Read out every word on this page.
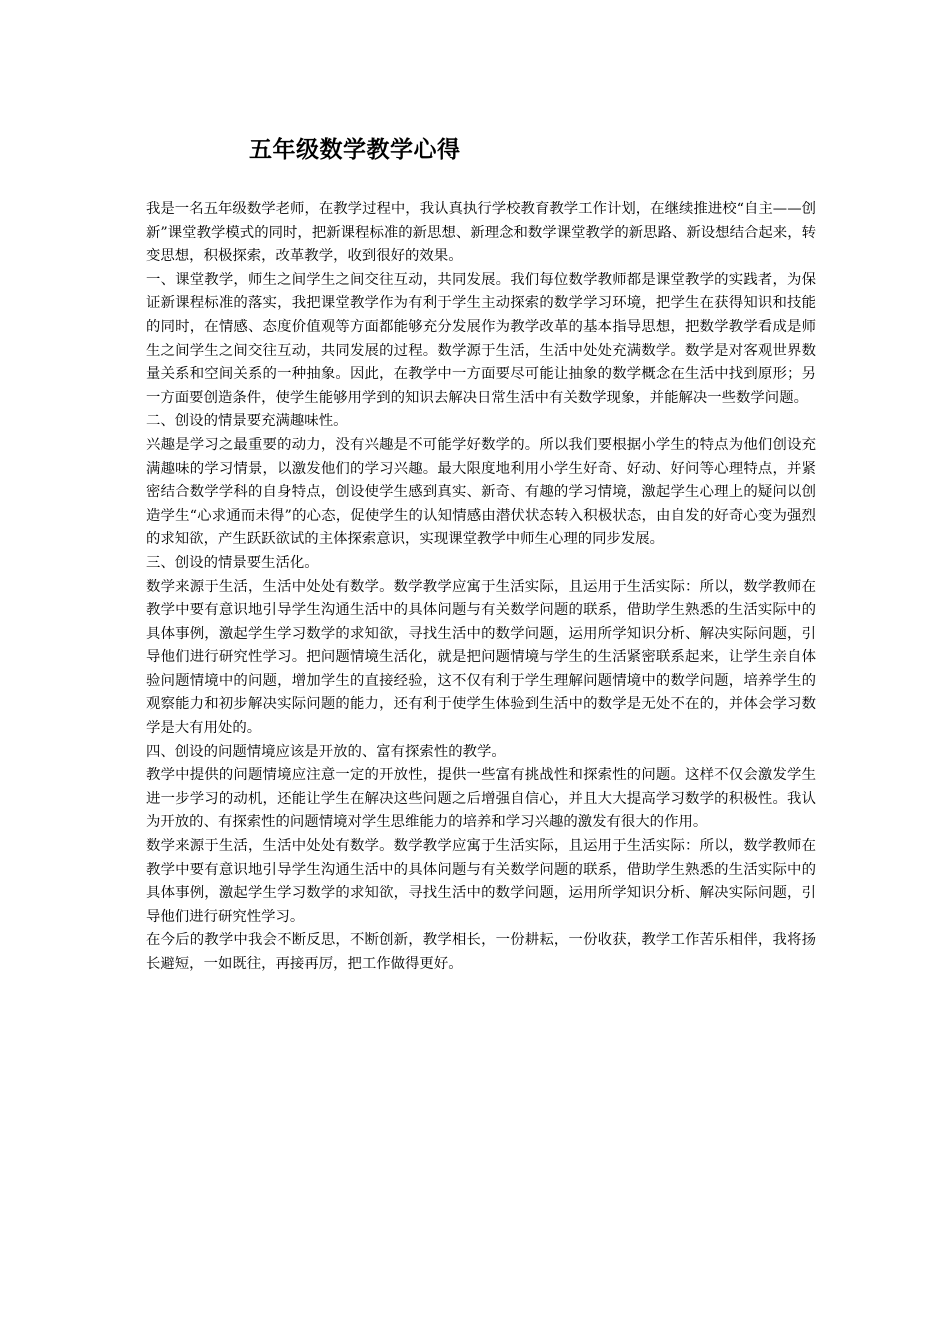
五年级数学教学心得

我是一名五年级数学老师，在教学过程中，我认真执行学校教育教学工作计划，在继续推进校“自主——创新”课堂教学模式的同时，把新课程标准的新思想、新理念和数学课堂教学的新思路、新设想结合起来，转变思想，积极探索，改革教学，收到很好的效果。

一、课堂教学，师生之间学生之间交往互动，共同发展。我们每位数学教师都是课堂教学的实践者，为保证新课程标准的落实，我把课堂教学作为有利于学生主动探索的数学学习环境，把学生在获得知识和技能的同时，在情感、态度价值观等方面都能够充分发展作为教学改革的基本指导思想，把数学教学看成是师生之间学生之间交往互动，共同发展的过程。数学源于生活，生活中处处充满数学。数学是对客观世界数量关系和空间关系的一种抽象。因此，在教学中一方面要尽可能让抽象的数学概念在生活中找到原形；另一方面要创造条件，使学生能够用学到的知识去解决日常生活中有关数学现象，并能解决一些数学问题。

二、创设的情景要充满趣味性。

兴趣是学习之最重要的动力，没有兴趣是不可能学好数学的。所以我们要根据小学生的特点为他们创设充满趣味的学习情景，以激发他们的学习兴趣。最大限度地利用小学生好奇、好动、好问等心理特点，并紧密结合数学学科的自身特点，创设使学生感到真实、新奇、有趣的学习情境，激起学生心理上的疑问以创造学生“心求通而未得”的心态，促使学生的认知情感由潜伏状态转入积极状态，由自发的好奇心变为强烈的求知欲，产生跃跃欲试的主体探索意识，实现课堂教学中师生心理的同步发展。

三、创设的情景要生活化。

数学来源于生活，生活中处处有数学。数学教学应寓于生活实际，且运用于生活实际：所以，数学教师在教学中要有意识地引导学生沟通生活中的具体问题与有关数学问题的联系，借助学生熟悉的生活实际中的具体事例，激起学生学习数学的求知欲，寻找生活中的数学问题，运用所学知识分析、解决实际问题，引导他们进行研究性学习。把问题情境生活化，就是把问题情境与学生的生活紧密联系起来，让学生亲自体验问题情境中的问题，增加学生的直接经验，这不仅有利于学生理解问题情境中的数学问题，培养学生的观察能力和初步解决实际问题的能力，还有利于使学生体验到生活中的数学是无处不在的，并体会学习数学是大有用处的。

四、创设的问题情境应该是开放的、富有探索性的教学。

教学中提供的问题情境应注意一定的开放性，提供一些富有挑战性和探索性的问题。这样不仅会激发学生进一步学习的动机，还能让学生在解决这些问题之后增强自信心，并且大大提高学习数学的积极性。我认为开放的、有探索性的问题情境对学生思维能力的培养和学习兴趣的激发有很大的作用。

数学来源于生活，生活中处处有数学。数学教学应寓于生活实际，且运用于生活实际：所以，数学教师在教学中要有意识地引导学生沟通生活中的具体问题与有关数学问题的联系，借助学生熟悉的生活实际中的具体事例，激起学生学习数学的求知欲，寻找生活中的数学问题，运用所学知识分析、解决实际问题，引导他们进行研究性学习。

在今后的教学中我会不断反思，不断创新，教学相长，一份耕耘，一份收获，教学工作苦乐相伴，我将扬长避短，一如既往，再接再厉，把工作做得更好。
